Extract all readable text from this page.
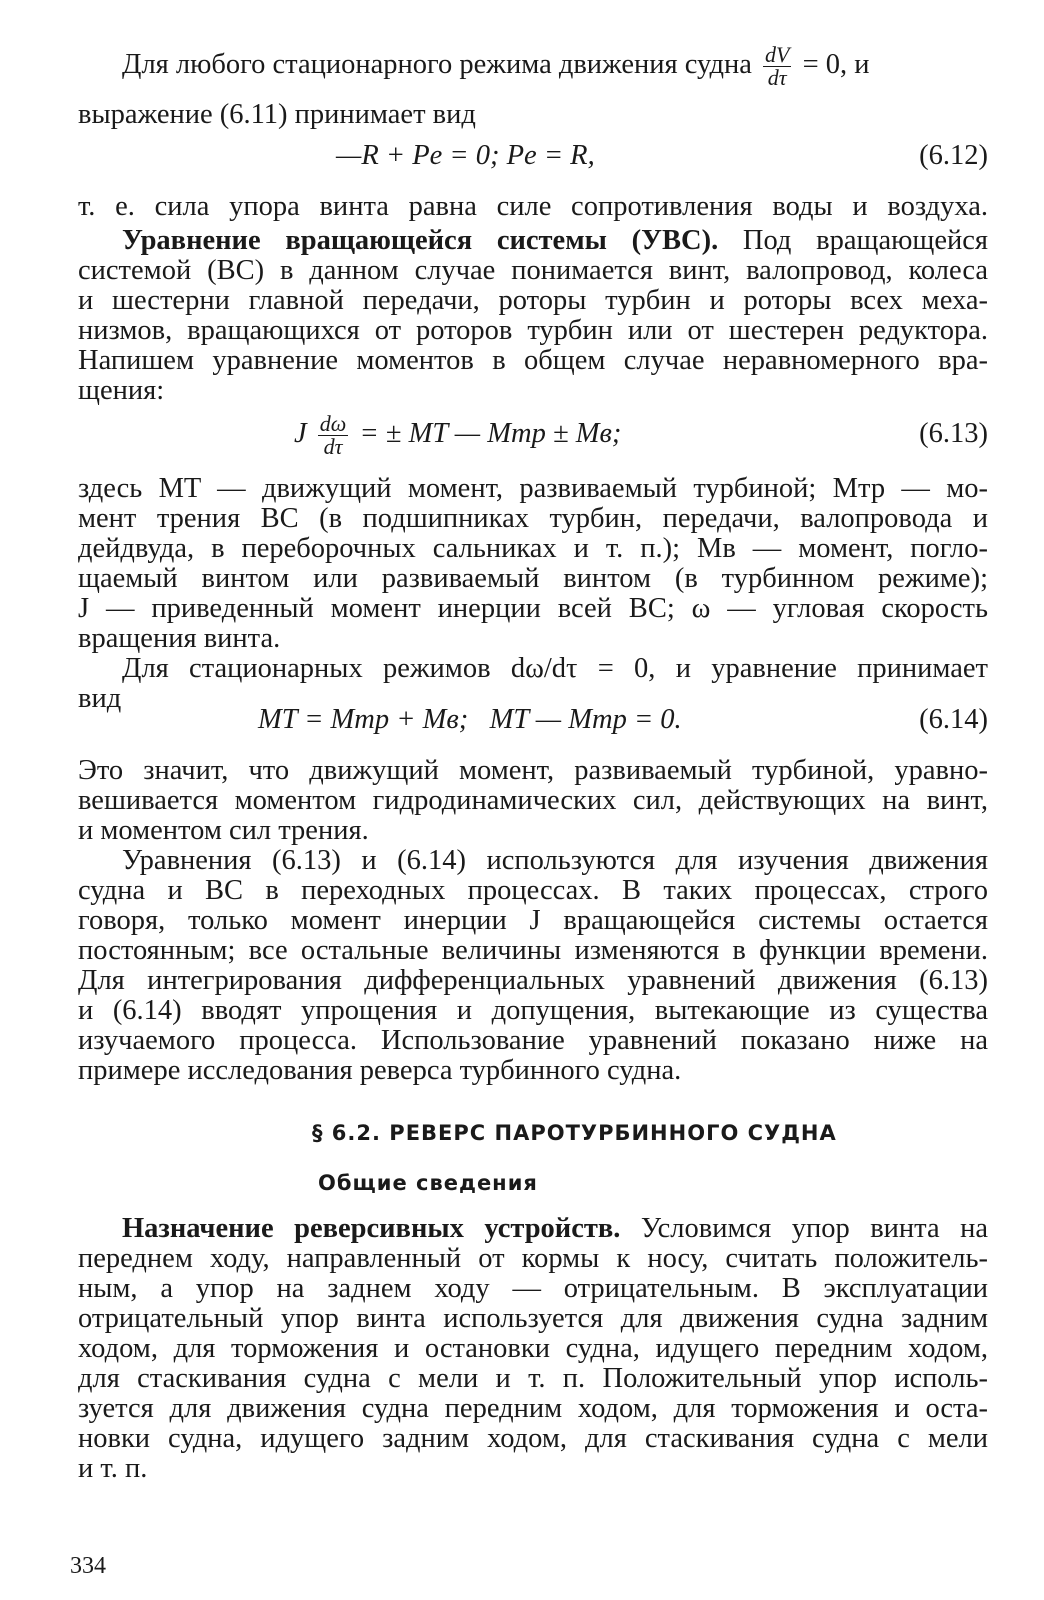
Для любого стационарного режима движения судна $\frac{dV}{d\tau} = 0$, и
выражение (6.11) принимает вид
—R + Pe = 0; Pe = R,	(6.12)
т. е. сила упора винта равна силе сопротивления воды и воздуха.
Уравнение вращающейся системы (УВС). Под вращающейся
системой (ВС) в данном случае понимается винт, валопровод, колеса
и шестерни главной передачи, роторы турбин и роторы всех меха-
низмов, вращающихся от роторов турбин или от шестерен редуктора.
Напишем уравнение моментов в общем случае неравномерного вра-
щения:
J $\frac{d\omega}{d\tau}$ = ± MT — Mтр ± Mв;	(6.13)
здесь MT — движущий момент, развиваемый турбиной; Mтр — мо-
мент трения ВС (в подшипниках турбин, передачи, валопровода и
дейдвуда, в переборочных сальниках и т. п.); Mв — момент, погло-
щаемый винтом или развиваемый винтом (в турбинном режиме);
J — приведенный момент инерции всей ВС; ω — угловая скорость
вращения винта.
Для стационарных режимов dω/dτ = 0, и уравнение принимает
вид
MT = Mтр + Mв;   MT — Mтр = 0.	(6.14)
Это значит, что движущий момент, развиваемый турбиной, уравно-
вешивается моментом гидродинамических сил, действующих на винт,
и моментом сил трения.
Уравнения (6.13) и (6.14) используются для изучения движения
судна и ВС в переходных процессах. В таких процессах, строго
говоря, только момент инерции J вращающейся системы остается
постоянным; все остальные величины изменяются в функции времени.
Для интегрирования дифференциальных уравнений движения (6.13)
и (6.14) вводят упрощения и допущения, вытекающие из существа
изучаемого процесса. Использование уравнений показано ниже на
примере исследования реверса турбинного судна.
§ 6.2. РЕВЕРС ПАРОТУРБИННОГО СУДНА
Общие сведения
Назначение реверсивных устройств. Условимся упор винта на
переднем ходу, направленный от кормы к носу, считать положитель-
ным, а упор на заднем ходу — отрицательным. В эксплуатации
отрицательный упор винта используется для движения судна задним
ходом, для торможения и остановки судна, идущего передним ходом,
для стаскивания судна с мели и т. п. Положительный упор исполь-
зуется для движения судна передним ходом, для торможения и оста-
новки судна, идущего задним ходом, для стаскивания судна с мели
и т. п.
334
